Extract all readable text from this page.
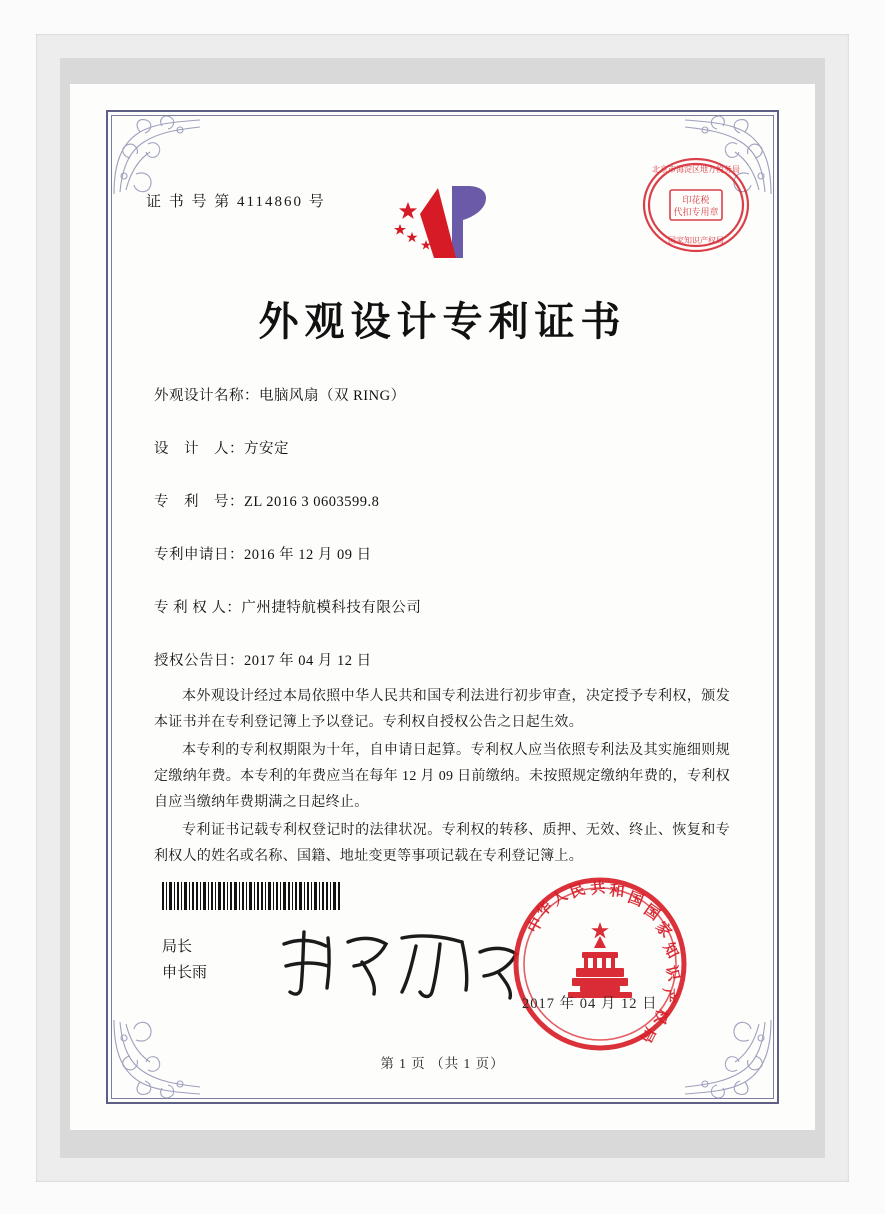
证 书 号 第 4114860 号
北京市海淀区地方税务局
印花税
代扣专用章
国家知识产权局
外观设计专利证书
外观设计名称：电脑风扇（双 RING）
设　计　人：方安定
专　利　号：ZL 2016 3 0603599.8
专利申请日：2016 年 12 月 09 日
专 利 权 人：广州捷特航模科技有限公司
授权公告日：2017 年 04 月 12 日

本外观设计经过本局依照中华人民共和国专利法进行初步审查，决定授予专利权，颁发本证书并在专利登记簿上予以登记。专利权自授权公告之日起生效。

本专利的专利权期限为十年，自申请日起算。专利权人应当依照专利法及其实施细则规定缴纳年费。本专利的年费应当在每年 12 月 09 日前缴纳。未按照规定缴纳年费的，专利权自应当缴纳年费期满之日起终止。

专利证书记载专利权登记时的法律状况。专利权的转移、质押、无效、终止、恢复和专利权人的姓名或名称、国籍、地址变更等事项记载在专利登记簿上。

局长
申长雨
中
华
人
民 共 和 国
国
家
知
识
产
权
局
2017 年 04 月 12 日
第 1 页 （共 1 页）
